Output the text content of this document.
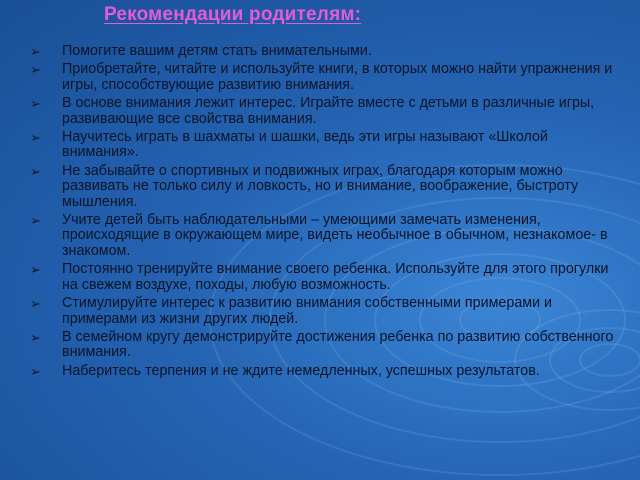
Рекомендации родителям:
➢ Помогите вашим детям стать внимательными.
➢ Приобретайте, читайте и используйте книги, в которых можно найти упражнения и игры, способствующие развитию внимания.
➢ В основе внимания лежит интерес. Играйте вместе с детьми в различные игры, развивающие все свойства внимания.
➢ Научитесь играть в шахматы и шашки, ведь эти игры называют «Школой внимания».
➢ Не забывайте о спортивных и подвижных играх, благодаря которым можно развивать не только силу и ловкость, но и внимание, воображение, быстроту мышления.
➢ Учите детей быть наблюдательными – умеющими замечать изменения, происходящие в окружающем мире, видеть необычное в обычном, незнакомое- в знакомом.
➢ Постоянно тренируйте внимание своего ребенка. Используйте для этого прогулки на свежем воздухе, походы, любую возможность.
➢ Стимулируйте интерес к развитию внимания собственными примерами и примерами из жизни других людей.
➢ В семейном кругу демонстрируйте достижения ребенка по развитию собственного внимания.
➢ Наберитесь терпения и не ждите немедленных, успешных результатов.
